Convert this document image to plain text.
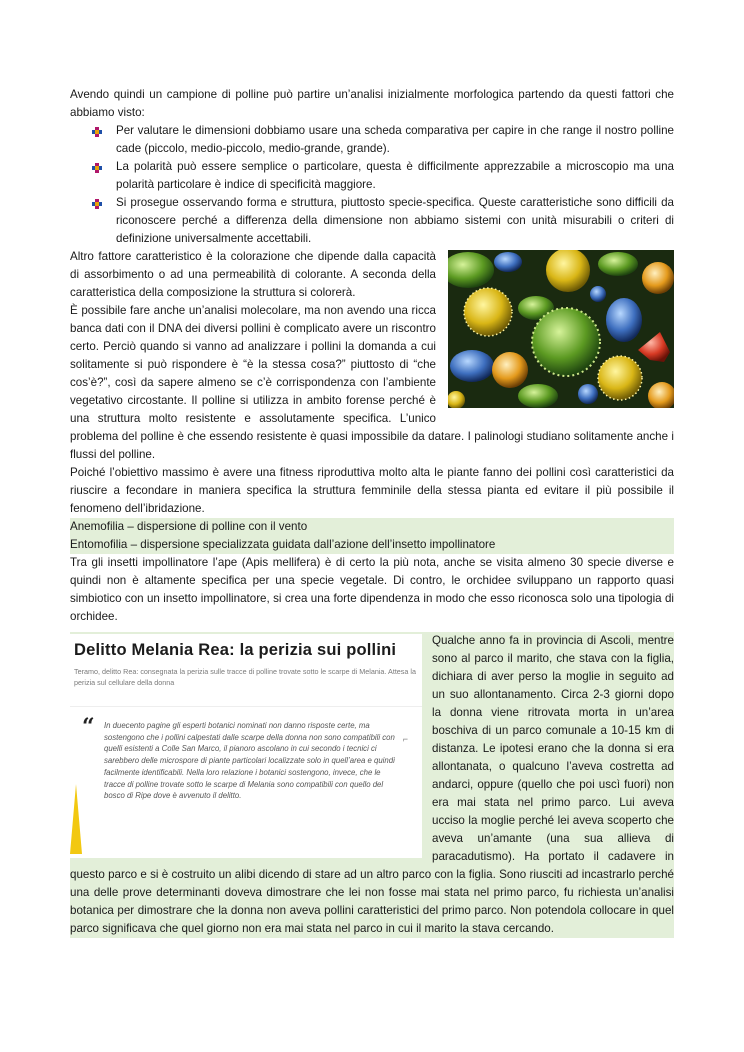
Avendo quindi un campione di polline può partire un’analisi inizialmente morfologica partendo da questi fattori che abbiamo visto:

Per valutare le dimensioni dobbiamo usare una scheda comparativa per capire in che range il nostro polline cade (piccolo, medio-piccolo, medio-grande, grande).
La polarità può essere semplice o particolare, questa è difficilmente apprezzabile a microscopio ma una polarità particolare è indice di specificità maggiore.
Si prosegue osservando forma e struttura, piuttosto specie-specifica. Queste caratteristiche sono difficili da riconoscere perché a differenza della dimensione non abbiamo sistemi con unità misurabili o criteri di definizione universalmente accettabili.

Altro fattore caratteristico è la colorazione che dipende dalla capacità di assorbimento o ad una permeabilità di colorante. A seconda della caratteristica della composizione la struttura si colorerà.

È possibile fare anche un’analisi molecolare, ma non avendo una ricca banca dati con il DNA dei diversi pollini è complicato avere un riscontro certo. Perciò quando si vanno ad analizzare i pollini la domanda a cui solitamente si può rispondere è “è la stessa cosa?” piuttosto di “che cos’è?”, così da sapere almeno se c’è corrispondenza con l’ambiente vegetativo circostante. Il polline si utilizza in ambito forense perché è una struttura molto resistente e assolutamente specifica. L’unico problema del polline è che essendo resistente è quasi impossibile da datare. I palinologi studiano solitamente anche i flussi del polline.

Poiché l’obiettivo massimo è avere una fitness riproduttiva molto alta le piante fanno dei pollini così caratteristici da riuscire a fecondare in maniera specifica la struttura femminile della stessa pianta ed evitare il più possibile il fenomeno dell’ibridazione.

Anemofilia – dispersione di polline con il vento
Entomofilia – dispersione specializzata guidata dall’azione dell’insetto impollinatore

Tra gli insetti impollinatore l’ape (Apis mellifera) è di certo la più nota, anche se visita almeno 30 specie diverse e quindi non è altamente specifica per una specie vegetale. Di contro, le orchidee sviluppano un rapporto quasi simbiotico con un insetto impollinatore, si crea una forte dipendenza in modo che esso riconosca solo una tipologia di orchidee.

Delitto Melania Rea: la perizia sui pollini
Teramo, delitto Rea: consegnata la perizia sulle tracce di polline trovate sotto le scarpe di Melania. Attesa la perizia sul cellulare della donna
“	⌐
In duecento pagine gli esperti botanici nominati non danno risposte certe, ma sostengono che i pollini calpestati dalle scarpe della donna non sono compatibili con quelli esistenti a Colle San Marco, il pianoro ascolano in cui secondo i tecnici ci sarebbero delle microspore di piante particolari localizzate solo in quell’area e quindi facilmente identificabili. Nella loro relazione i botanici sostengono, invece, che le tracce di polline trovate sotto le scarpe di Melania sono compatibili con quello del bosco di Ripe dove è avvenuto il delitto.

Qualche anno fa in provincia di Ascoli, mentre sono al parco il marito, che stava con la figlia, dichiara di aver perso la moglie in seguito ad un suo allontanamento. Circa 2-3 giorni dopo la donna viene ritrovata morta in un’area boschiva di un parco comunale a 10-15 km di distanza. Le ipotesi erano che la donna si era allontanata, o qualcuno l’aveva costretta ad andarci, oppure (quello che poi uscì fuori) non era mai stata nel primo parco. Lui aveva ucciso la moglie perché lei aveva scoperto che aveva un’amante (una sua allieva di paracadutismo). Ha portato il cadavere in questo parco e si è costruito un alibi dicendo di stare ad un altro parco con la figlia. Sono riusciti ad incastrarlo perché una delle prove determinanti doveva dimostrare che lei non fosse mai stata nel primo parco, fu richiesta un’analisi botanica per dimostrare che la donna non aveva pollini caratteristici del primo parco. Non potendola collocare in quel parco significava che quel giorno non era mai stata nel parco in cui il marito la stava cercando.
